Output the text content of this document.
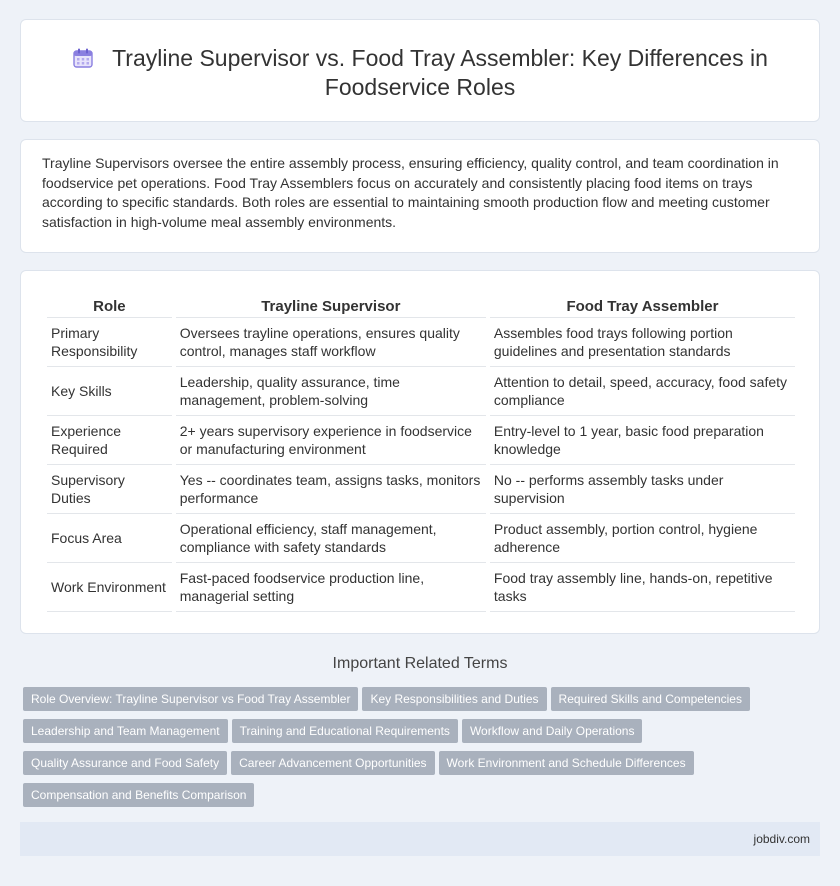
Trayline Supervisor vs. Food Tray Assembler: Key Differences in Foodservice Roles

Trayline Supervisors oversee the entire assembly process, ensuring efficiency, quality control, and team coordination in foodservice pet operations. Food Tray Assemblers focus on accurately and consistently placing food items on trays according to specific standards. Both roles are essential to maintaining smooth production flow and meeting customer satisfaction in high-volume meal assembly environments.

Role	Trayline Supervisor	Food Tray Assembler
Primary Responsibility	Oversees trayline operations, ensures quality control, manages staff workflow	Assembles food trays following portion guidelines and presentation standards
Key Skills	Leadership, quality assurance, time management, problem-solving	Attention to detail, speed, accuracy, food safety compliance
Experience Required	2+ years supervisory experience in foodservice or manufacturing environment	Entry-level to 1 year, basic food preparation knowledge
Supervisory Duties	Yes -- coordinates team, assigns tasks, monitors performance	No -- performs assembly tasks under supervision
Focus Area	Operational efficiency, staff management, compliance with safety standards	Product assembly, portion control, hygiene adherence
Work Environment	Fast-paced foodservice production line, managerial setting	Food tray assembly line, hands-on, repetitive tasks
Important Related Terms
Role Overview: Trayline Supervisor vs Food Tray Assembler Key Responsibilities and Duties Required Skills and Competencies
Leadership and Team Management Training and Educational Requirements Workflow and Daily Operations
Quality Assurance and Food Safety Career Advancement Opportunities Work Environment and Schedule Differences
Compensation and Benefits Comparison
jobdiv.com
